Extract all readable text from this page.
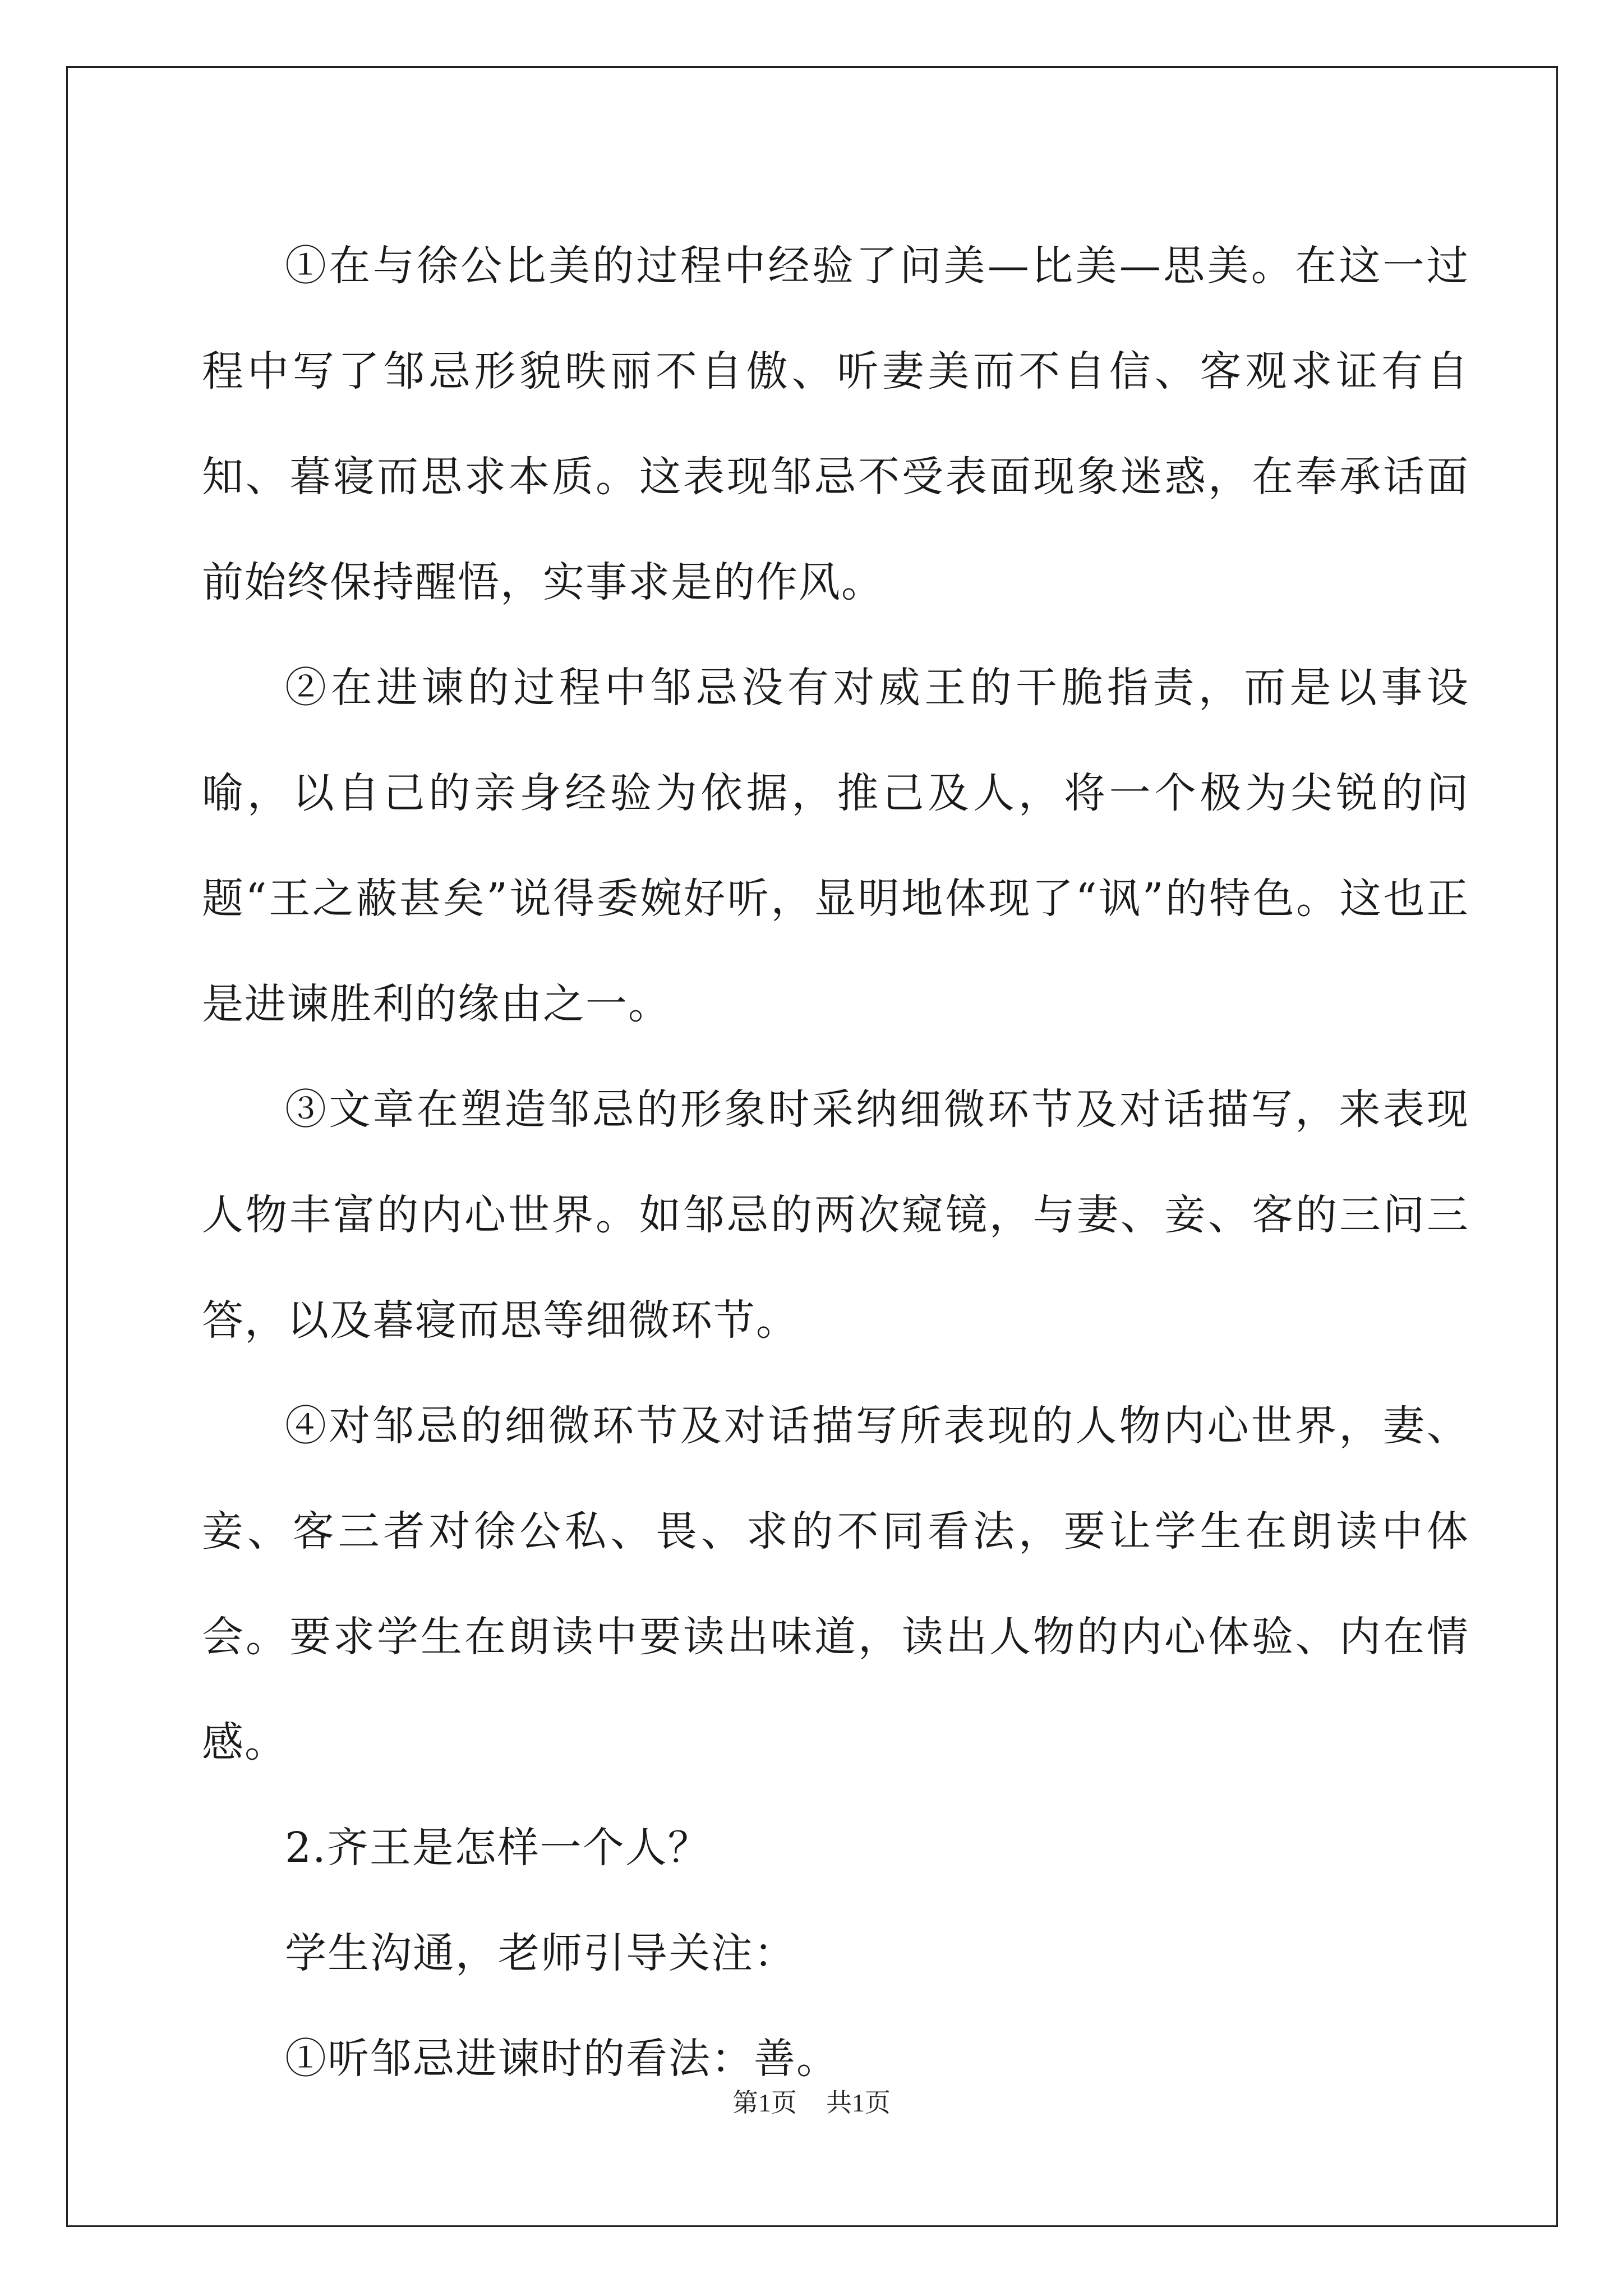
①在与徐公比美的过程中经验了问美—比美—思美。在这一过程中写了邹忌形貌昳丽不自傲、听妻美而不自信、客观求证有自知、暮寝而思求本质。这表现邹忌不受表面现象迷惑，在奉承话面前始终保持醒悟，实事求是的作风。

②在进谏的过程中邹忌没有对威王的干脆指责，而是以事设喻，以自己的亲身经验为依据，推己及人，将一个极为尖锐的问题“王之蔽甚矣”说得委婉好听，显明地体现了“讽”的特色。这也正是进谏胜利的缘由之一。

③文章在塑造邹忌的形象时采纳细微环节及对话描写，来表现人物丰富的内心世界。如邹忌的两次窥镜，与妻、妾、客的三问三答，以及暮寝而思等细微环节。

④对邹忌的细微环节及对话描写所表现的人物内心世界，妻、妾、客三者对徐公私、畏、求的不同看法，要让学生在朗读中体会。要求学生在朗读中要读出味道，读出人物的内心体验、内在情感。

2.齐王是怎样一个人？

学生沟通，老师引导关注：

①听邹忌进谏时的看法：善。

第1页 共1页
